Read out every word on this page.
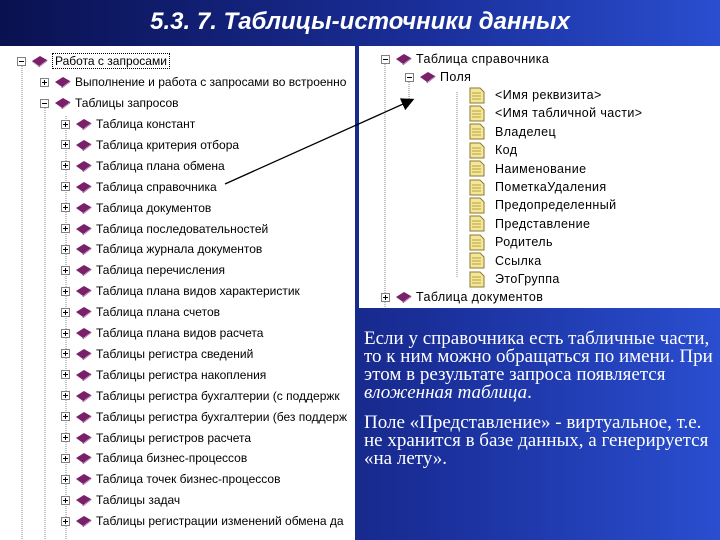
5.3. 7. Таблицы-источники данных
Работа с запросами
Выполнение и работа с запросами во встроенно
Таблицы запросов
Таблица констант
Таблица критерия отбора
Таблица плана обмена
Таблица справочника
Таблица документов
Таблица последовательностей
Таблица журнала документов
Таблица перечисления
Таблица плана видов характеристик
Таблица плана счетов
Таблица плана видов расчета
Таблицы регистра сведений
Таблицы регистра накопления
Таблицы регистра бухгалтерии (с поддержк
Таблицы регистра бухгалтерии (без поддерж
Таблицы регистров расчета
Таблица бизнес-процессов
Таблица точек бизнес-процессов
Таблицы задач
Таблицы регистрации изменений обмена да
Таблица справочника
Поля
<Имя реквизита>
<Имя табличной части>
Владелец
Код
Наименование
ПометкаУдаления
Предопределенный
Представление
Родитель
Ссылка
ЭтоГруппа
Таблица документов

Если у справочника есть табличные части, то к ним можно обращаться по имени. При этом в результате запроса появляется вложенная таблица.

Поле «Представление» - виртуальное, т.е. не хранится в базе данных, а генерируется «на лету».
